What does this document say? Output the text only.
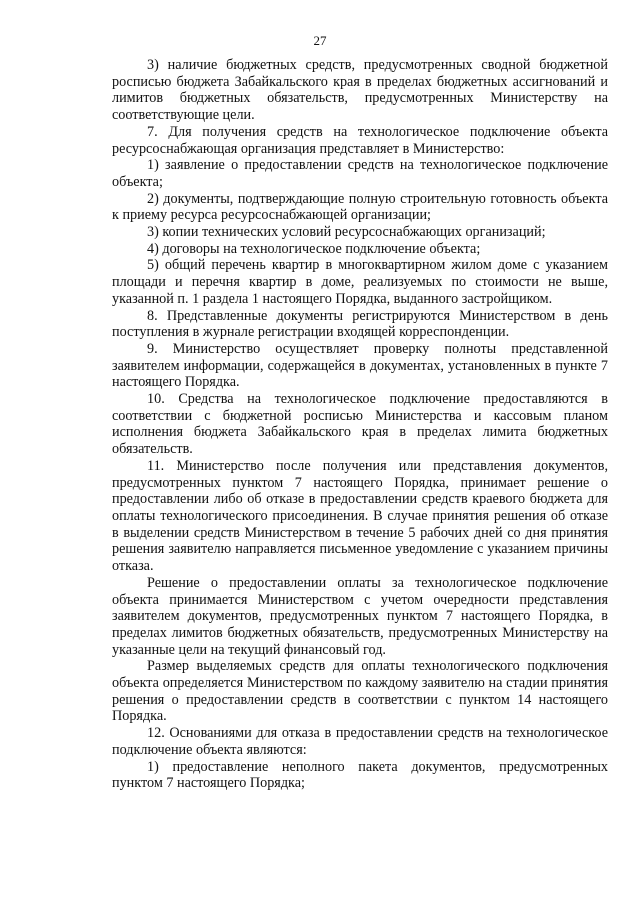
27

3) наличие бюджетных средств, предусмотренных сводной бюджетной росписью бюджета Забайкальского края в пределах бюджетных ассигнований и лимитов бюджетных обязательств, предусмотренных Министерству на соответствующие цели.

7. Для получения средств на технологическое подключение объекта ресурсоснабжающая организация представляет в Министерство:

1) заявление о предоставлении средств на технологическое подключение объекта;

2) документы, подтверждающие полную строительную готовность объекта к приему ресурса ресурсоснабжающей организации;

3) копии технических условий ресурсоснабжающих организаций;

4) договоры на технологическое подключение объекта;

5) общий перечень квартир в многоквартирном жилом доме с указанием площади и перечня квартир в доме, реализуемых по стоимости не выше, указанной п. 1 раздела 1 настоящего Порядка, выданного застройщиком.

8. Представленные документы регистрируются Министерством в день поступления в журнале регистрации входящей корреспонденции.

9. Министерство осуществляет проверку полноты представленной заявителем информации, содержащейся в документах, установленных в пункте 7 настоящего Порядка.

10. Средства на технологическое подключение предоставляются в соответствии с бюджетной росписью Министерства и кассовым планом исполнения бюджета Забайкальского края в пределах лимита бюджетных обязательств.

11. Министерство после получения или представления документов, предусмотренных пунктом 7 настоящего Порядка, принимает решение о предоставлении либо об отказе в предоставлении средств краевого бюджета для оплаты технологического присоединения. В случае принятия решения об отказе в выделении средств Министерством в течение 5 рабочих дней со дня принятия решения заявителю направляется письменное уведомление с указанием причины отказа.

Решение о предоставлении оплаты за технологическое подключение объекта принимается Министерством с учетом очередности представления заявителем документов, предусмотренных пунктом 7 настоящего Порядка, в пределах лимитов бюджетных обязательств, предусмотренных Министерству на указанные цели на текущий финансовый год.

Размер выделяемых средств для оплаты технологического подключения объекта определяется Министерством по каждому заявителю на стадии принятия решения о предоставлении средств в соответствии с пунктом 14 настоящего Порядка.

12. Основаниями для отказа в предоставлении средств на технологическое подключение объекта являются:

1) предоставление неполного пакета документов, предусмотренных пунктом 7 настоящего Порядка;
